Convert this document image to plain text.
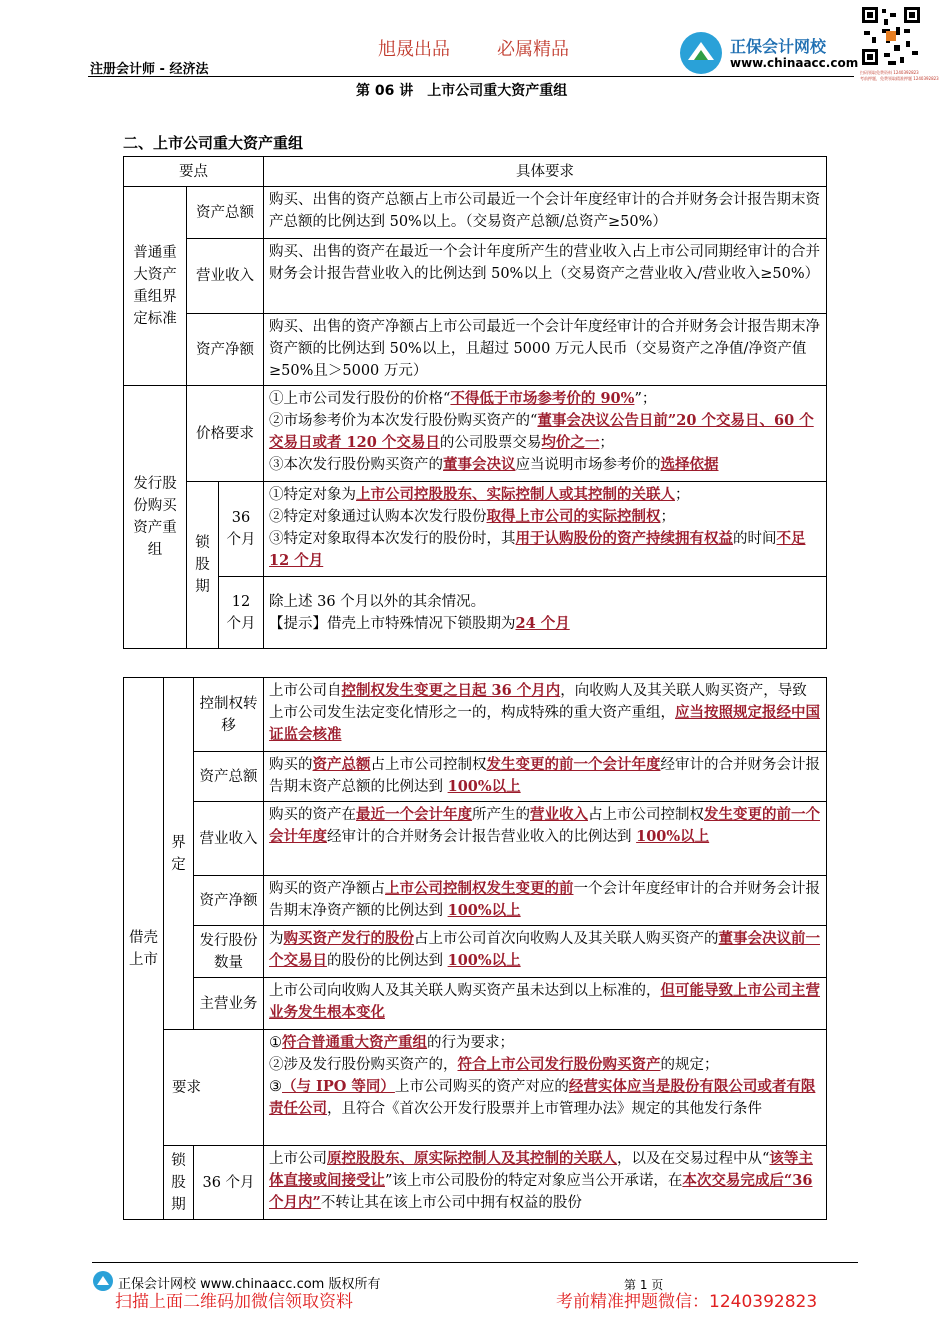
旭晟出品	必属精品
注册会计师 - 经济法
正保会计网校
www.chinaacc.com
扫码领取免费资料 1240392823
考前押题，免费领取精准押题 1240392823
第 06 讲　上市公司重大资产重组
二、上市公司重大资产重组
要点			具体要求
普通重大资产重组界定标准	资产总额		购买、出售的资产总额占上市公司最近一个会计年度经审计的合并财务会计报告期末资产总额的比例达到 50%以上。（交易资产总额/总资产≥50%）
	营业收入		购买、出售的资产在最近一个会计年度所产生的营业收入占上市公司同期经审计的合并财务会计报告营业收入的比例达到 50%以上（交易资产之营业收入/营业收入≥50%）
	资产净额		购买、出售的资产净额占上市公司最近一个会计年度经审计的合并财务会计报告期末净资产额的比例达到 50%以上，且超过 5000 万元人民币（交易资产之净值/净资产值≥50%且＞5000 万元）
发行股份购买资产重组	价格要求		①上市公司发行股份的价格“不得低于市场参考价的 90%”；
②市场参考价为本次发行股份购买资产的“董事会决议公告日前”20 个交易日、60 个交易日或者 120 个交易日的公司股票交易均价之一；
③本次发行股份购买资产的董事会决议应当说明市场参考价的选择依据

	锁股期	36 个月	①特定对象为上市公司控股股东、实际控制人或其控制的关联人；
②特定对象通过认购本次发行股份取得上市公司的实际控制权；
③特定对象取得本次发行的股份时，其用于认购股份的资产持续拥有权益的时间不足 12 个月

		12 个月	除上述 36 个月以外的其余情况。
【提示】借壳上市特殊情况下锁股期为24 个月
借壳上市	界定	控制权转移	上市公司自控制权发生变更之日起 36 个月内，向收购人及其关联人购买资产，导致上市公司发生法定变化情形之一的，构成特殊的重大资产重组，应当按照规定报经中国证监会核准
		资产总额	购买的资产总额占上市公司控制权发生变更的前一个会计年度经审计的合并财务会计报告期末资产总额的比例达到 100%以上
		营业收入	购买的资产在最近一个会计年度所产生的营业收入占上市公司控制权发生变更的前一个会计年度经审计的合并财务会计报告营业收入的比例达到 100%以上
		资产净额	购买的资产净额占上市公司控制权发生变更的前一个会计年度经审计的合并财务会计报告期末净资产额的比例达到 100%以上
		发行股份数量	为购买资产发行的股份占上市公司首次向收购人及其关联人购买资产的董事会决议前一个交易日的股份的比例达到 100%以上
		主营业务	上市公司向收购人及其关联人购买资产虽未达到以上标准的，但可能导致上市公司主营业务发生根本变化
	要求		①符合普通重大资产重组的行为要求；
②涉及发行股份购买资产的，符合上市公司发行股份购买资产的规定；
③（与 IPO 等同）上市公司购买的资产对应的经营实体应当是股份有限公司或者有限责任公司，且符合《首次公开发行股票并上市管理办法》规定的其他发行条件

	锁股期	36 个月	上市公司原控股股东、原实际控制人及其控制的关联人，以及在交易过程中从“该等主体直接或间接受让”该上市公司股份的特定对象应当公开承诺，在本次交易完成后“36 个月内”不转让其在该上市公司中拥有权益的股份
正保会计网校 www.chinaacc.com 版权所有	第 1 页
扫描上面二维码加微信领取资料	考前精准押题微信：1240392823
